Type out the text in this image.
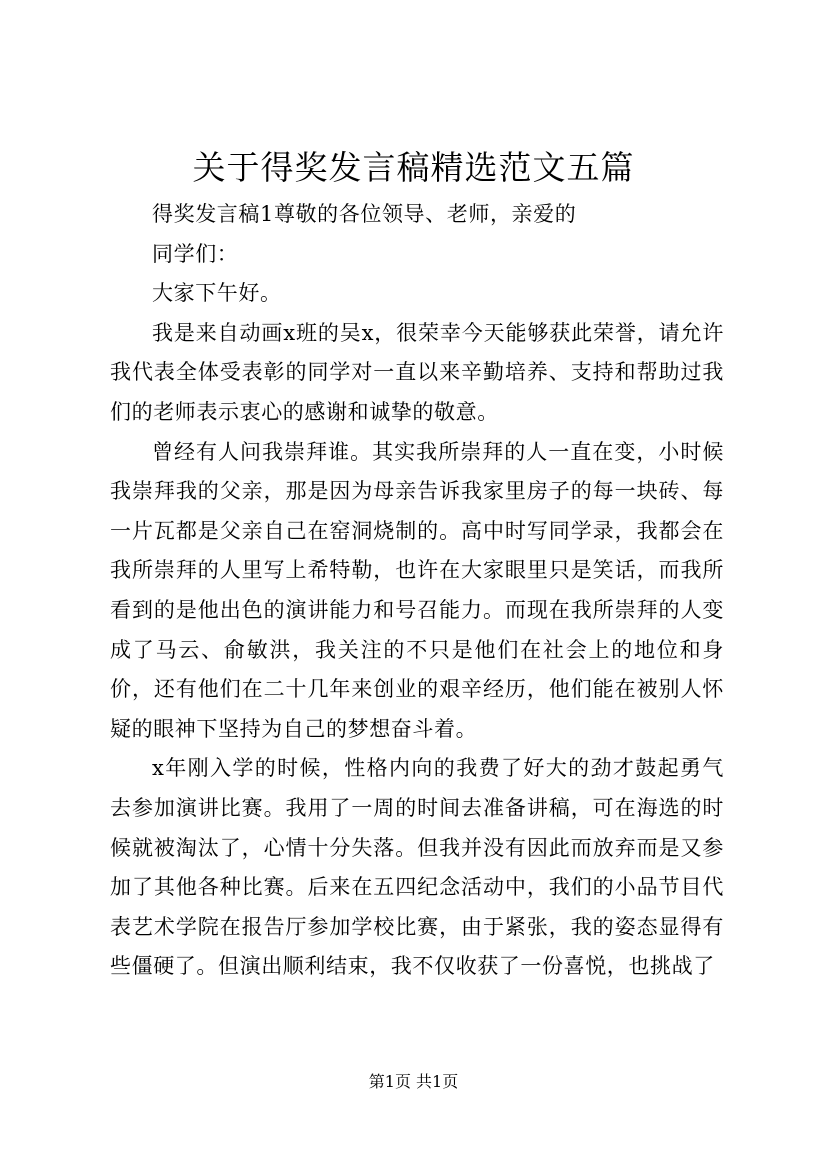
关于得奖发言稿精选范文五篇

得奖发言稿1尊敬的各位领导、老师，亲爱的

同学们：

大家下午好。

我是来自动画x班的吴x，很荣幸今天能够获此荣誉，请允许我代表全体受表彰的同学对一直以来辛勤培养、支持和帮助过我们的老师表示衷心的感谢和诚挚的敬意。

曾经有人问我崇拜谁。其实我所崇拜的人一直在变，小时候我崇拜我的父亲，那是因为母亲告诉我家里房子的每一块砖、每一片瓦都是父亲自己在窑洞烧制的。高中时写同学录，我都会在我所崇拜的人里写上希特勒，也许在大家眼里只是笑话，而我所看到的是他出色的演讲能力和号召能力。而现在我所崇拜的人变成了马云、俞敏洪，我关注的不只是他们在社会上的地位和身价，还有他们在二十几年来创业的艰辛经历，他们能在被别人怀疑的眼神下坚持为自己的梦想奋斗着。

x年刚入学的时候，性格内向的我费了好大的劲才鼓起勇气去参加演讲比赛。我用了一周的时间去准备讲稿，可在海选的时候就被淘汰了，心情十分失落。但我并没有因此而放弃而是又参加了其他各种比赛。后来在五四纪念活动中，我们的小品节目代表艺术学院在报告厅参加学校比赛，由于紧张，我的姿态显得有些僵硬了。但演出顺利结束，我不仅收获了一份喜悦，也挑战了

第1页 共1页
